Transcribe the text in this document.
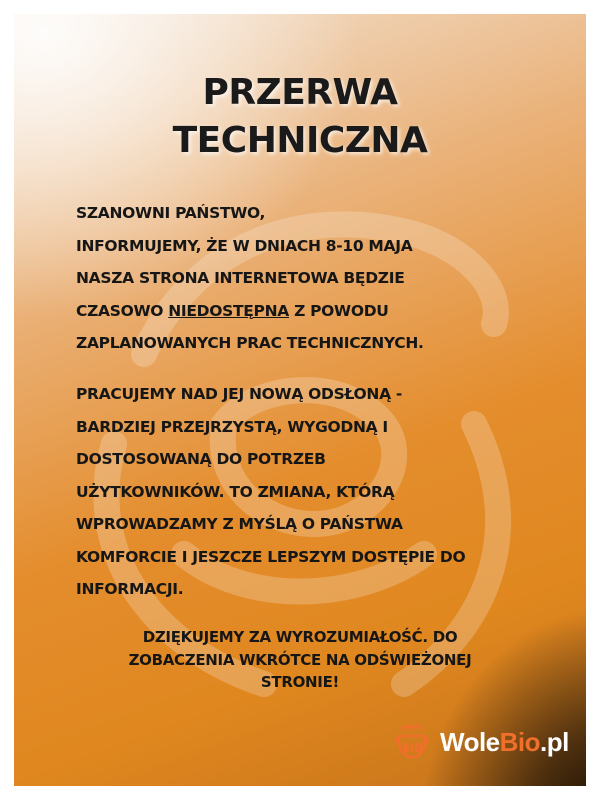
PRZERWA
TECHNICZNA
SZANOWNI PAŃSTWO,
INFORMUJEMY, ŻE W DNIACH 8-10 MAJA
NASZA STRONA INTERNETOWA BĘDZIE
CZASOWO NIEDOSTĘPNA Z POWODU
ZAPLANOWANYCH PRAC TECHNICZNYCH.
PRACUJEMY NAD JEJ NOWĄ ODSŁONĄ -
BARDZIEJ PRZEJRZYSTĄ, WYGODNĄ I
DOSTOSOWANĄ DO POTRZEB
UŻYTKOWNIKÓW. TO ZMIANA, KTÓRĄ
WPROWADZAMY Z MYŚLĄ O PAŃSTWA
KOMFORCIE I JESZCZE LEPSZYM DOSTĘPIE DO
INFORMACJI.
DZIĘKUJEMY ZA WYROZUMIAŁOŚĆ. DO
ZOBACZENIA WKRÓTCE NA ODŚWIEŻONEJ
STRONIE!
WoleBio.pl
